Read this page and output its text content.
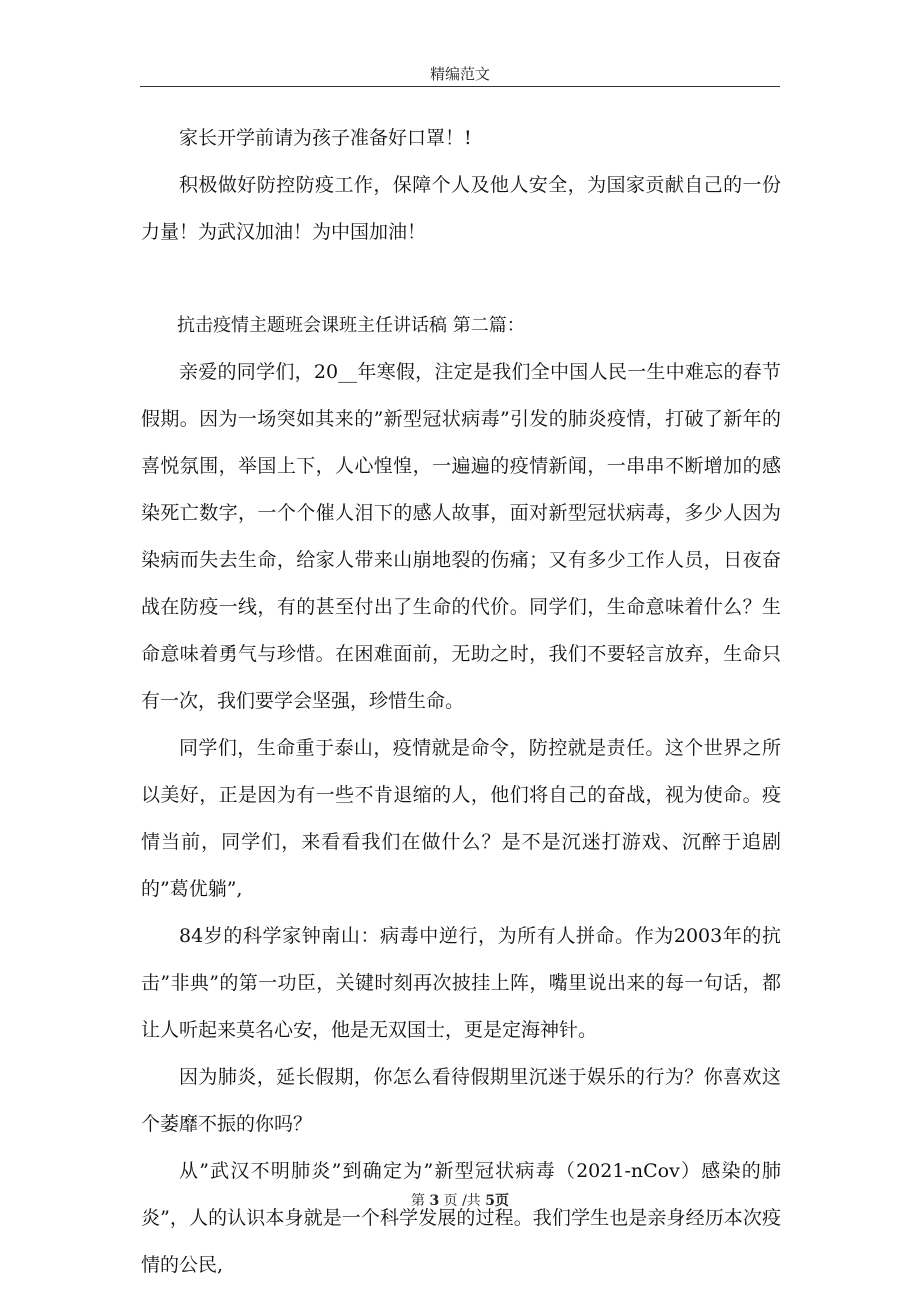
精编范文

家长开学前请为孩子准备好口罩！!

积极做好防控防疫工作，保障个人及他人安全，为国家贡献自己的一份力量！为武汉加油！为中国加油！

抗击疫情主题班会课班主任讲话稿 第二篇：

亲爱的同学们，20__年寒假，注定是我们全中国人民一生中难忘的春节假期。因为一场突如其来的”新型冠状病毒”引发的肺炎疫情，打破了新年的喜悦氛围，举国上下，人心惶惶，一遍遍的疫情新闻，一串串不断增加的感染死亡数字，一个个催人泪下的感人故事，面对新型冠状病毒，多少人因为染病而失去生命，给家人带来山崩地裂的伤痛；又有多少工作人员，日夜奋战在防疫一线，有的甚至付出了生命的代价。同学们，生命意味着什么？生命意味着勇气与珍惜。在困难面前，无助之时，我们不要轻言放弃，生命只有一次，我们要学会坚强，珍惜生命。

同学们，生命重于泰山，疫情就是命令，防控就是责任。这个世界之所以美好，正是因为有一些不肯退缩的人，他们将自己的奋战，视为使命。疫情当前，同学们，来看看我们在做什么？是不是沉迷打游戏、沉醉于追剧的”葛优躺”,

84岁的科学家钟南山：病毒中逆行，为所有人拼命。作为2003年的抗击”非典”的第一功臣，关键时刻再次披挂上阵，嘴里说出来的每一句话，都让人听起来莫名心安，他是无双国士，更是定海神针。

因为肺炎，延长假期，你怎么看待假期里沉迷于娱乐的行为？你喜欢这个萎靡不振的你吗？

从”武汉不明肺炎”到确定为”新型冠状病毒（2021-nCov）感染的肺炎”，人的认识本身就是一个科学发展的过程。我们学生也是亲身经历本次疫情的公民,

第 3 页 /共 5页
